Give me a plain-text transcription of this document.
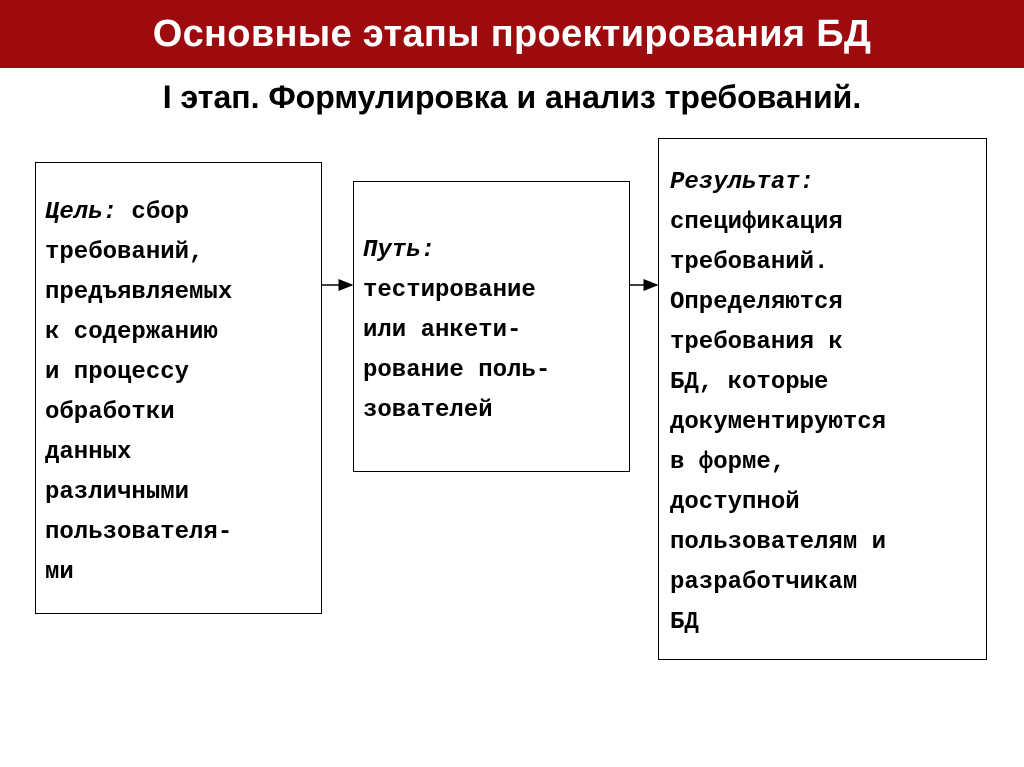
Основные этапы проектирования БД
I этап. Формулировка и анализ требований.
Цель: сбор
требований,
предъявляемых
к содержанию
и процессу
обработки
данных
различными
пользователя-
ми
Путь:
тестирование
или анкети-
рование поль-
зователей
Результат:
спецификация
требований.
Определяются
требования к
БД, которые
документируются
в форме,
доступной
пользователям и
разработчикам
БД
